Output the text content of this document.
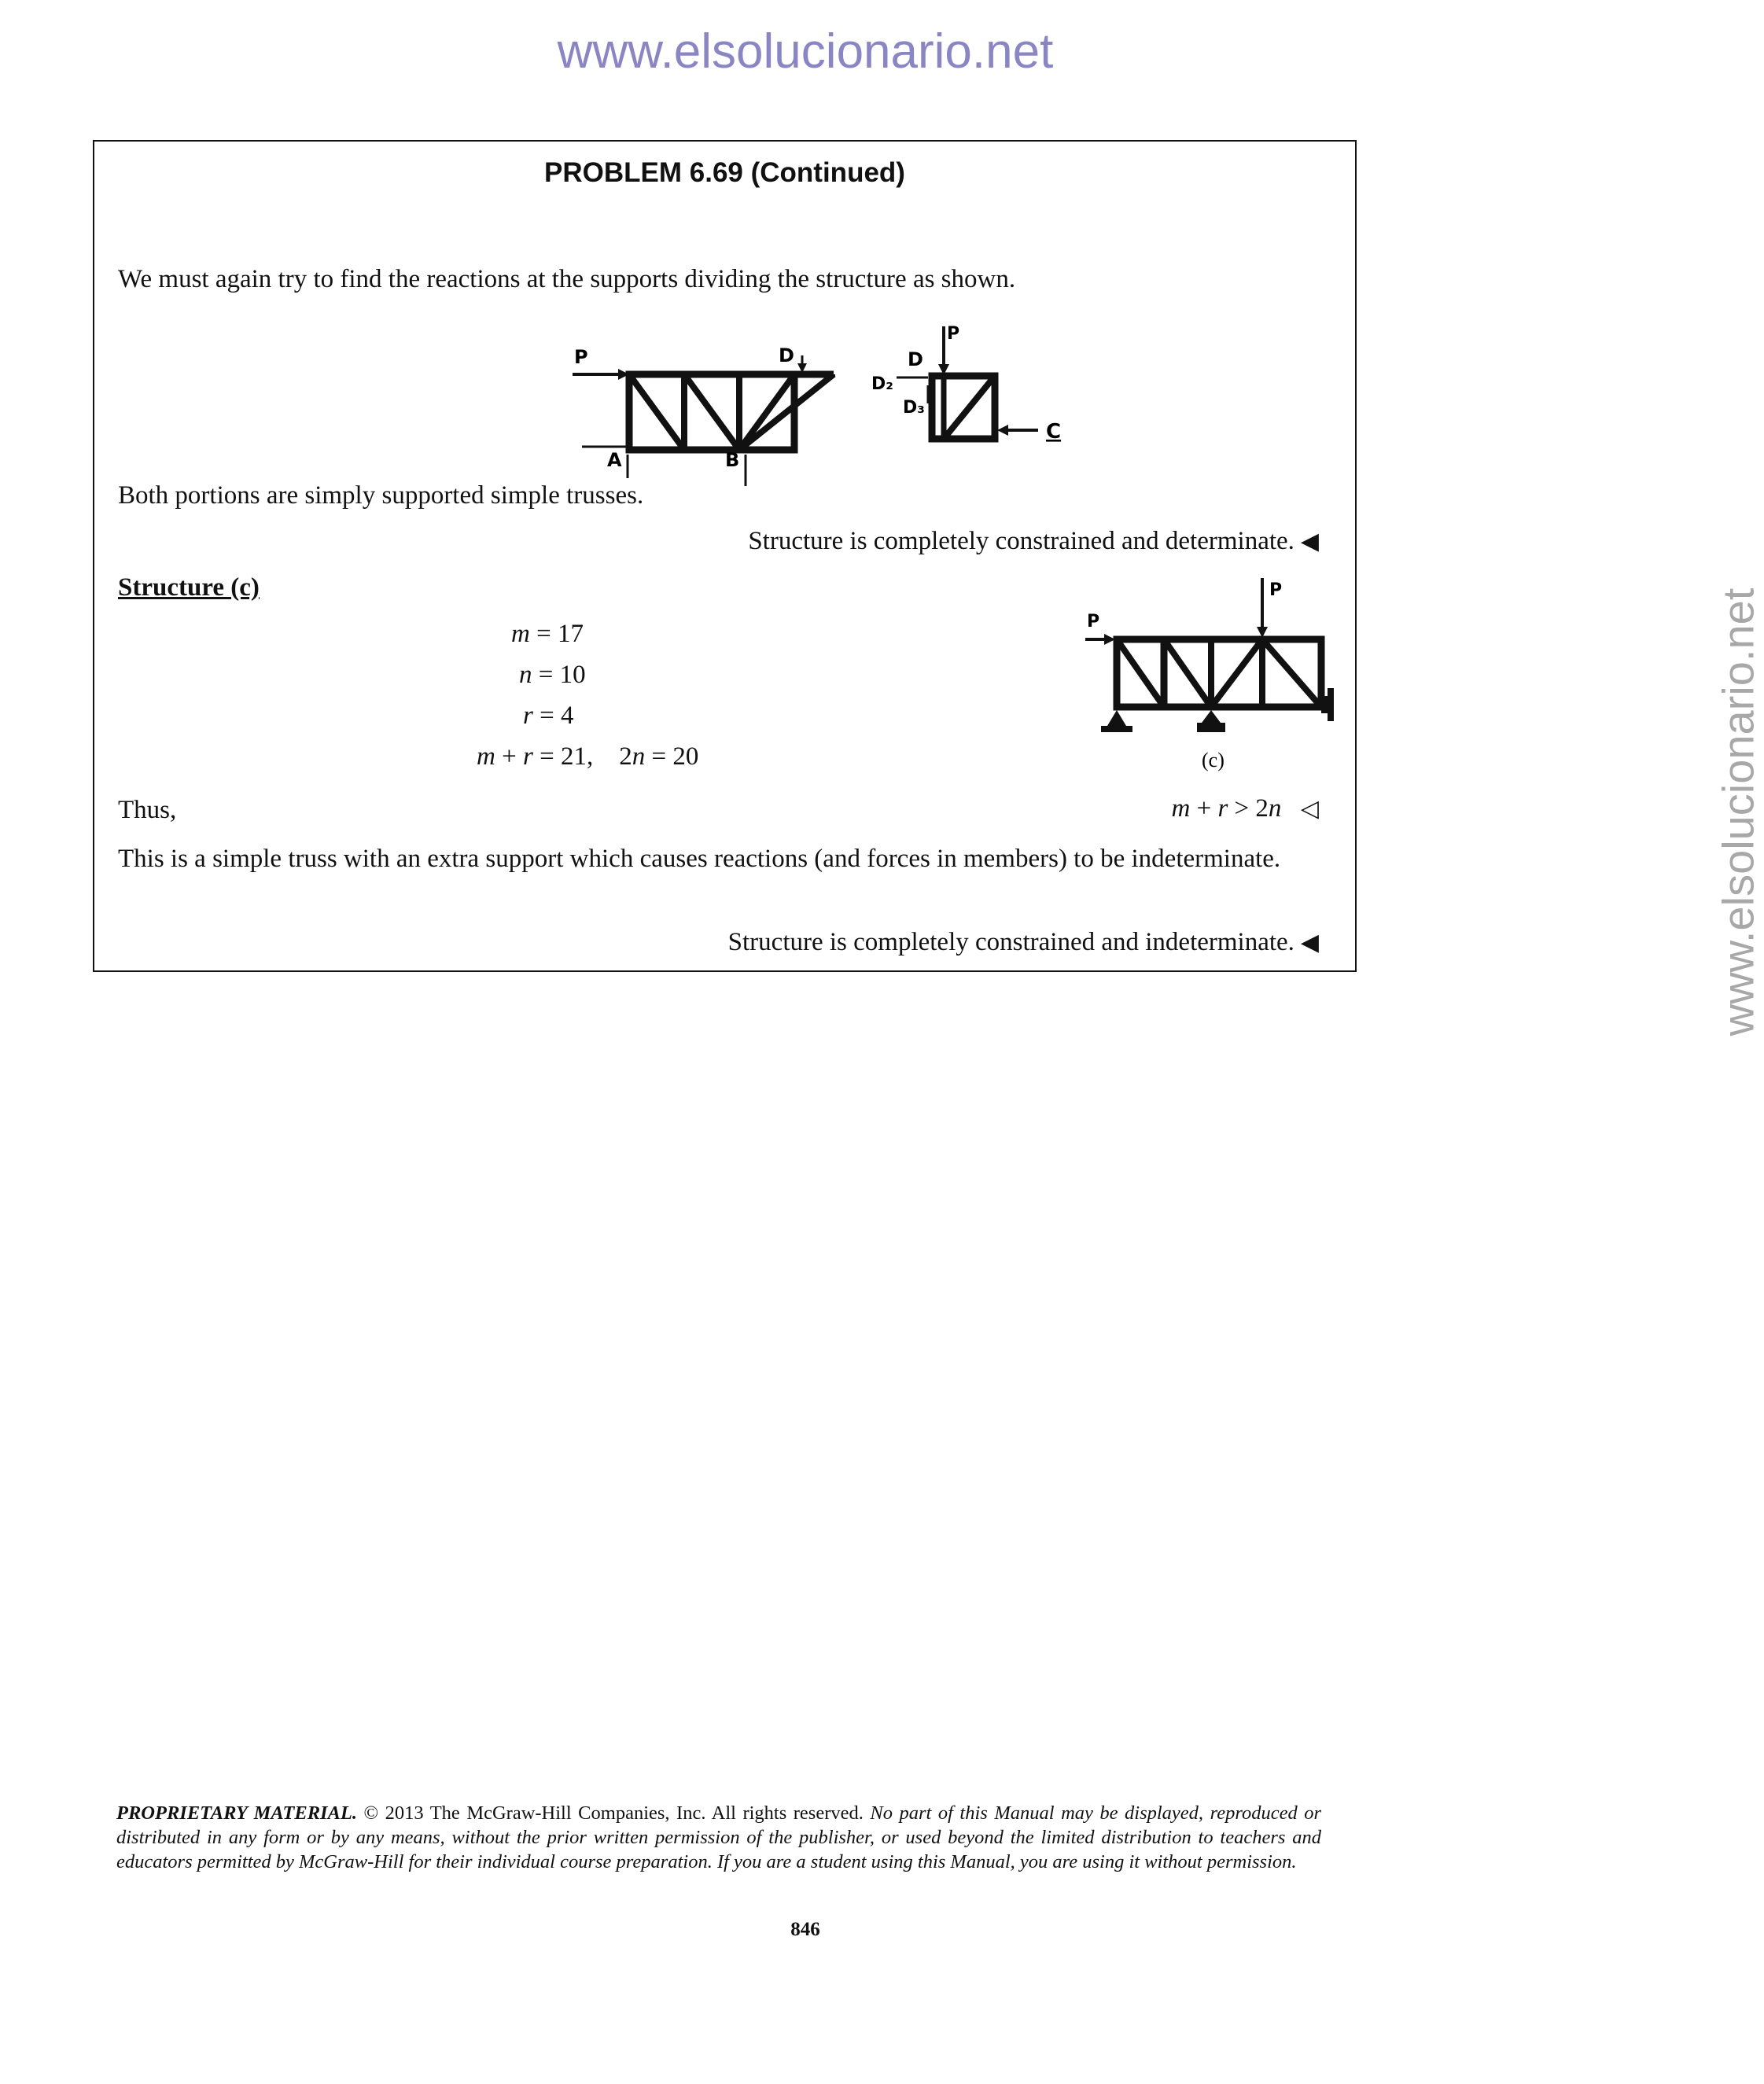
www.elsolucionario.net
www.elsolucionario.net
PROBLEM 6.69 (Continued)
We must again try to find the reactions at the supports dividing the structure as shown.
P	D
A	B
P
D
D₂
D₃
C
Both portions are simply supported simple trusses.
Structure is completely constrained and determinate. ◀
Structure (c)
m = 17
n = 10
r = 4
m + r = 21, 2n = 20
P
P
(c)
Thus,	m + r > 2n ◁
This is a simple truss with an extra support which causes reactions (and forces in members) to be indeterminate.
Structure is completely constrained and indeterminate. ◀
PROPRIETARY MATERIAL. © 2013 The McGraw-Hill Companies, Inc. All rights reserved. No part of this Manual may be displayed, reproduced or distributed in any form or by any means, without the prior written permission of the publisher, or used beyond the limited distribution to teachers and educators permitted by McGraw-Hill for their individual course preparation. If you are a student using this Manual, you are using it without permission.
846
